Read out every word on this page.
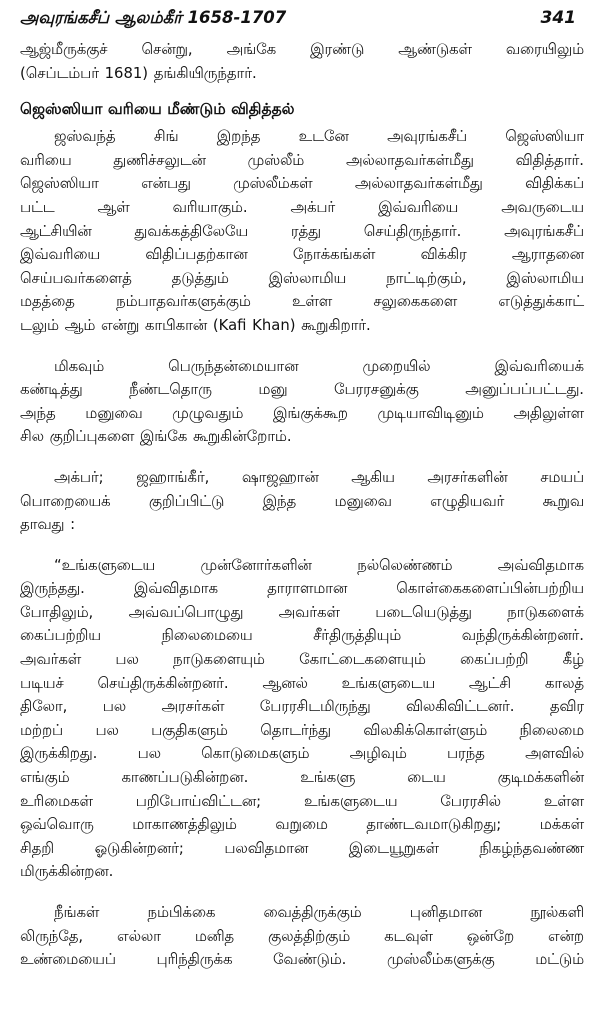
அவுரங்கசீப் ஆலம்கீர் 1658-1707	341

ஆஜ்மீருக்குச் சென்று, அங்கே இரண்டு ஆண்டுகள் வரையிலும்
(செப்டம்பர் 1681) தங்கியிருந்தார்.

ஜெஸ்ஸியா வரியை மீண்டும் விதித்தல்

ஜஸ்வந்த் சிங் இறந்த உடனே அவுரங்கசீப் ஜெஸ்ஸியா
வரியை துணிச்சலுடன் முஸ்லீம் அல்லாதவர்கள்மீது விதித்தார்.
ஜெஸ்ஸியா என்பது முஸ்லீம்கள் அல்லாதவர்கள்மீது விதிக்கப்
பட்ட ஆள் வரியாகும். அக்பர் இவ்வரியை அவருடைய
ஆட்சியின் துவக்கத்திலேயே ரத்து செய்திருந்தார். அவுரங்கசீப்
இவ்வரியை விதிப்பதற்கான நோக்கங்கள் விக்கிர ஆராதனை
செய்பவர்களைத் தடுத்தும் இஸ்லாமிய நாட்டிற்கும், இஸ்லாமிய
மதத்தை நம்பாதவர்களுக்கும் உள்ள சலுகைகளை எடுத்துக்காட்
டலும் ஆம் என்று காபிகான் (Kafi Khan) கூறுகிறார்.

மிகவும் பெருந்தன்மையான முறையில் இவ்வரியைக்
கண்டித்து நீண்டதொரு மனு பேரரசனுக்கு அனுப்பப்பட்டது.
அந்த மனுவை முழுவதும் இங்குக்கூற முடியாவிடினும் அதிலுள்ள
சில குறிப்புகளை இங்கே கூறுகின்றோம்.

அக்பர்; ஜஹாங்கீர், ஷாஜஹான் ஆகிய அரசர்களின் சமயப்
பொறையைக் குறிப்பிட்டு இந்த மனுவை எழுதியவர் கூறுவ
தாவது :

“உங்களுடைய முன்னோர்களின் நல்லெண்ணம் அவ்விதமாக
இருந்தது. இவ்விதமாக தாராளமான கொள்கைகளைப்பின்பற்றிய
போதிலும், அவ்வப்பொழுது அவர்கள் படையெடுத்து நாடுகளைக்
கைப்பற்றிய நிலைமையை சீர்திருத்தியும் வந்திருக்கின்றனர்.
அவர்கள் பல நாடுகளையும் கோட்டைகளையும் கைப்பற்றி கீழ்
படியச் செய்திருக்கின்றனர். ஆனல் உங்களுடைய ஆட்சி காலத்
திலோ, பல அரசர்கள் பேரரசிடமிருந்து விலகிவிட்டனர். தவிர
மற்றப் பல பகுதிகளும் தொடர்ந்து விலகிக்கொள்ளும் நிலைமை
இருக்கிறது. பல கொடுமைகளும் அழிவும் பரந்த அளவில்
எங்கும் காணப்படுகின்றன. உங்களு டைய குடிமக்களின்
உரிமைகள் பறிபோய்விட்டன; உங்களுடைய பேரரசில் உள்ள
ஒவ்வொரு மாகாணத்திலும் வறுமை தாண்டவமாடுகிறது; மக்கள்
சிதறி ஓடுகின்றனர்; பலவிதமான இடையூறுகள் நிகழ்ந்தவண்ண
மிருக்கின்றன.

நீங்கள் நம்பிக்கை வைத்திருக்கும் புனிதமான நூல்களி
லிருந்தே, எல்லா மனித குலத்திற்கும் கடவுள் ஒன்றே என்ற
உண்மையைப் புரிந்திருக்க வேண்டும். முஸ்லீம்களுக்கு மட்டும்
